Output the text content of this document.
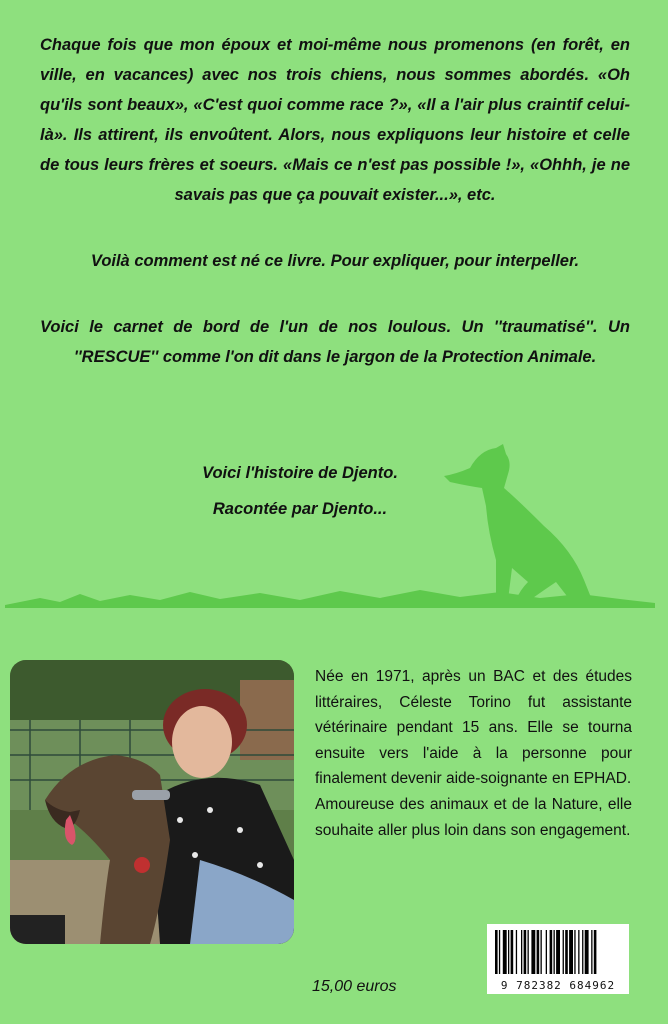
Chaque fois que mon époux et moi-même nous promenons (en forêt, en ville, en vacances) avec nos trois chiens, nous sommes abordés. «Oh qu'ils sont beaux», «C'est quoi comme race ?», «Il a l'air plus craintif celui-là». Ils attirent, ils envoûtent. Alors, nous expliquons leur histoire et celle de tous leurs frères et soeurs. «Mais ce n'est pas possible !», «Ohhh, je ne savais pas que ça pouvait exister...», etc.

Voilà comment est né ce livre. Pour expliquer, pour interpeller.

Voici le carnet de bord de l'un de nos loulous. Un ''traumatisé''. Un ''RESCUE'' comme l'on dit dans le jargon de la Protection Animale.

Voici l'histoire de Djento.
Racontée par Djento...

Née en 1971, après un BAC et des études littéraires, Céleste Torino fut assistante vétérinaire pendant 15 ans. Elle se tourna ensuite vers l'aide à la personne pour finalement devenir aide-soignante en EPHAD.

Amoureuse des animaux et de la Nature, elle souhaite aller plus loin dans son engagement.

15,00 euros	9 782382 684962
